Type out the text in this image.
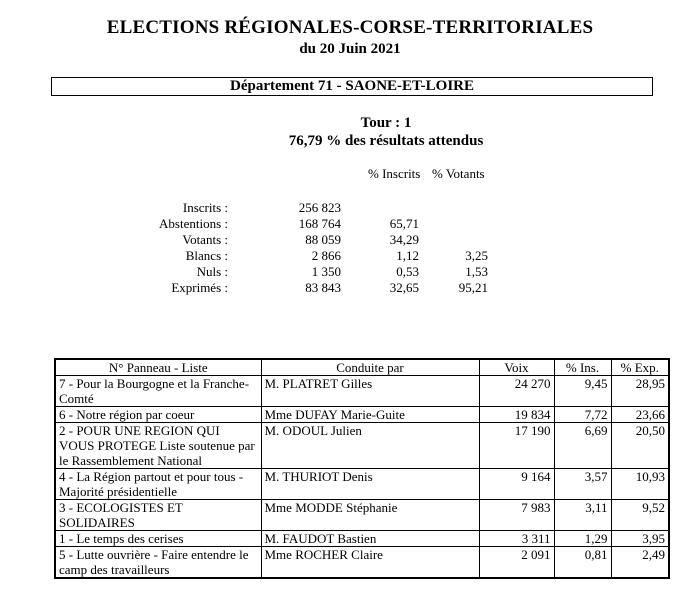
ELECTIONS RÉGIONALES-CORSE-TERRITORIALES
du 20 Juin 2021
Département 71 - SAONE-ET-LOIRE
Tour : 1
76,79 % des résultats attendus
% Inscrits % Votants
Inscrits :	256 823
Abstentions :	168 764	65,71
Votants :	88 059	34,29
Blancs :	2 866	1,12	3,25
Nuls :	1 350	0,53	1,53
Exprimés :	83 843	32,65	95,21
N° Panneau - Liste	Conduite par	Voix	% Ins.	% Exp.
7 - Pour la Bourgogne et la Franche-Comté	M. PLATRET Gilles	24 270	9,45	28,95
6 - Notre région par coeur	Mme DUFAY Marie-Guite	19 834	7,72	23,66
2 - POUR UNE REGION QUI VOUS PROTEGE Liste soutenue par le Rassemblement National	M. ODOUL Julien	17 190	6,69	20,50
4 - La Région partout et pour tous - Majorité présidentielle	M. THURIOT Denis	9 164	3,57	10,93
3 - ECOLOGISTES ET SOLIDAIRES	Mme MODDE Stéphanie	7 983	3,11	9,52
1 - Le temps des cerises	M. FAUDOT Bastien	3 311	1,29	3,95
5 - Lutte ouvrière - Faire entendre le camp des travailleurs	Mme ROCHER Claire	2 091	0,81	2,49
